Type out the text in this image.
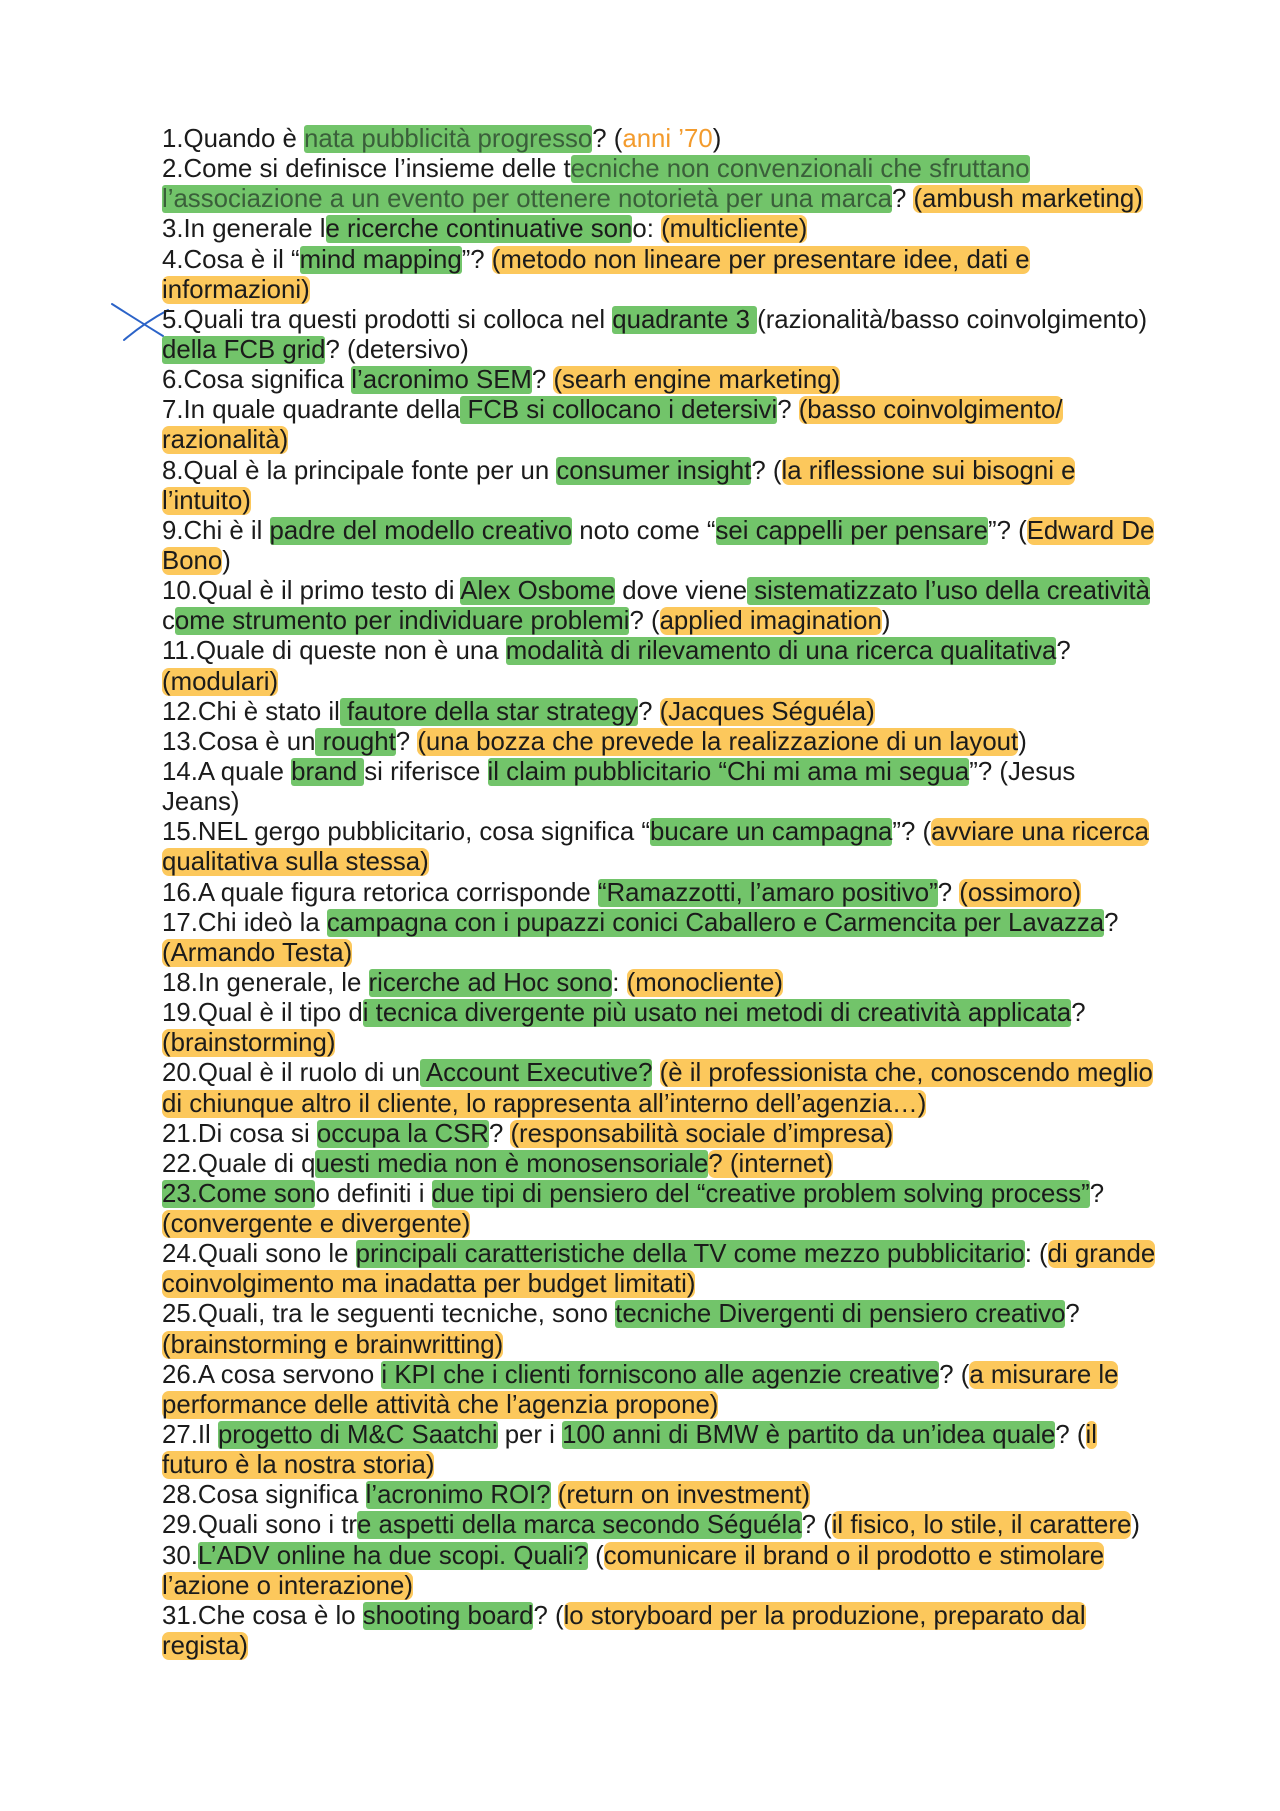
1.Quando è nata pubblicità progresso? (anni ’70)
2.Come si definisce l’insieme delle tecniche non convenzionali che sfruttano
l’associazione a un evento per ottenere notorietà per una marca? (ambush marketing)
3.In generale le ricerche continuative sono: (multicliente)
4.Cosa è il “mind mapping”? (metodo non lineare per presentare idee, dati e
informazioni)
5.Quali tra questi prodotti si colloca nel quadrante 3 (razionalità/basso coinvolgimento)
della FCB grid? (detersivo)
6.Cosa significa l’acronimo SEM? (searh engine marketing)
7.In quale quadrante della FCB si collocano i detersivi? (basso coinvolgimento/
razionalità)
8.Qual è la principale fonte per un consumer insight? (la riflessione sui bisogni e
l’intuito)
9.Chi è il padre del modello creativo noto come “sei cappelli per pensare”? (Edward De
Bono)
10.Qual è il primo testo di Alex Osbome dove viene sistematizzato l’uso della creatività
come strumento per individuare problemi? (applied imagination)
11.Quale di queste non è una modalità di rilevamento di una ricerca qualitativa?
(modulari)
12.Chi è stato il fautore della star strategy? (Jacques Séguéla)
13.Cosa è un rought? (una bozza che prevede la realizzazione di un layout)
14.A quale brand si riferisce il claim pubblicitario “Chi mi ama mi segua”? (Jesus
Jeans)
15.NEL gergo pubblicitario, cosa significa “bucare un campagna”? (avviare una ricerca
qualitativa sulla stessa)
16.A quale figura retorica corrisponde “Ramazzotti, l’amaro positivo”? (ossimoro)
17.Chi ideò la campagna con i pupazzi conici Caballero e Carmencita per Lavazza?
(Armando Testa)
18.In generale, le ricerche ad Hoc sono: (monocliente)
19.Qual è il tipo di tecnica divergente più usato nei metodi di creatività applicata?
(brainstorming)
20.Qual è il ruolo di un Account Executive? (è il professionista che, conoscendo meglio
di chiunque altro il cliente, lo rappresenta all’interno dell’agenzia…)
21.Di cosa si occupa la CSR? (responsabilità sociale d’impresa)
22.Quale di questi media non è monosensoriale? (internet)
23.Come sono definiti i due tipi di pensiero del “creative problem solving process”?
(convergente e divergente)
24.Quali sono le principali caratteristiche della TV come mezzo pubblicitario: (di grande
coinvolgimento ma inadatta per budget limitati)
25.Quali, tra le seguenti tecniche, sono tecniche Divergenti di pensiero creativo?
(brainstorming e brainwritting)
26.A cosa servono i KPI che i clienti forniscono alle agenzie creative? (a misurare le
performance delle attività che l’agenzia propone)
27.Il progetto di M&C Saatchi per i 100 anni di BMW è partito da un’idea quale? (il
futuro è la nostra storia)
28.Cosa significa l’acronimo ROI? (return on investment)
29.Quali sono i tre aspetti della marca secondo Séguéla? (il fisico, lo stile, il carattere)
30.L’ADV online ha due scopi. Quali? (comunicare il brand o il prodotto e stimolare
l’azione o interazione)
31.Che cosa è lo shooting board? (lo storyboard per la produzione, preparato dal
regista)
